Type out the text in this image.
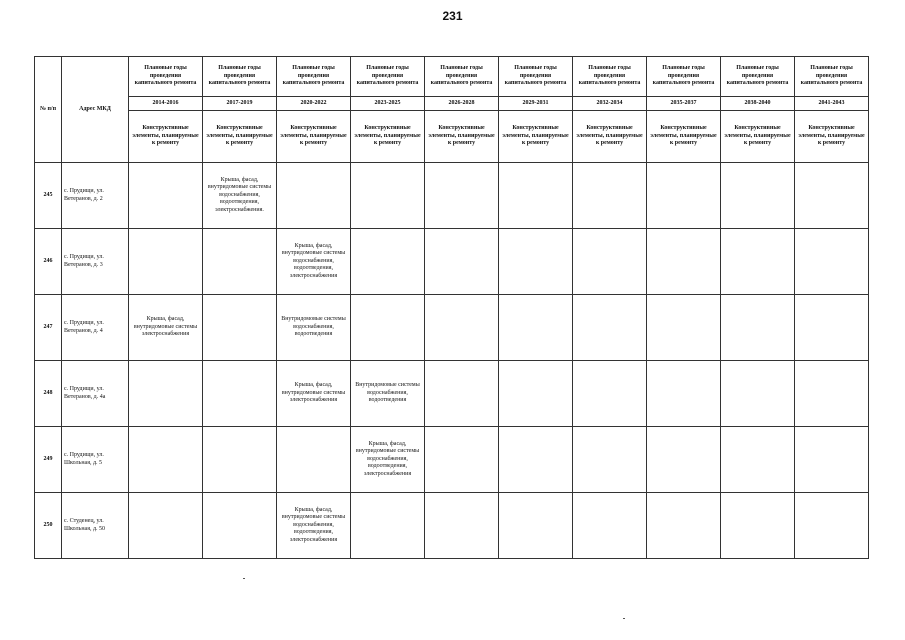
231
№ п/п	Адрес МКД	Плановые годы проведения капитального ремонта	Плановые годы проведения капитального ремонта	Плановые годы проведения капитального ремонта	Плановые годы проведения капитального ремонта	Плановые годы проведения капитального ремонта	Плановые годы проведения капитального ремонта	Плановые годы проведения капитального ремонта	Плановые годы проведения капитального ремонта	Плановые годы проведения капитального ремонта	Плановые годы проведения капитального ремонта
		2014-2016	2017-2019	2020-2022	2023-2025	2026-2028	2029-2031	2032-2034	2035-2037	2038-2040	2041-2043
		Конструктивные элементы, планируемые к ремонту	Конструктивные элементы, планируемые к ремонту	Конструктивные элементы, планируемые к ремонту	Конструктивные элементы, планируемые к ремонту	Конструктивные элементы, планируемые к ремонту	Конструктивные элементы, планируемые к ремонту	Конструктивные элементы, планируемые к ремонту	Конструктивные элементы, планируемые к ремонту	Конструктивные элементы, планируемые к ремонту	Конструктивные элементы, планируемые к ремонту
245	с. Прудищи, ул. Ветеранов, д. 2		Крыша, фасад, внутридомовые системы водоснабжения, водоотведения, электроснабжения.								
246	с. Прудищи, ул. Ветеранов, д. 3			Крыша, фасад, внутридомовые системы водоснабжения, водоотведения, электроснабжения							
247	с. Прудищи, ул. Ветеранов, д. 4	Крыша, фасад, внутридомовые системы электроснабжения		Внутридомовые системы водоснабжения, водоотведения							
248	с. Прудищи, ул. Ветеранов, д. 4а			Крыша, фасад, внутридомовые системы электроснабжения	Внутридомовые системы водоснабжения, водоотведения						
249	с. Прудищи, ул. Школьная, д. 5				Крыша, фасад, внутридомовые системы водоснабжения, водоотведения, электроснабжения						
250	с. Студенец, ул. Школьная, д. 50			Крыша, фасад, внутридомовые системы водоснабжения, водоотведения, электроснабжения							
